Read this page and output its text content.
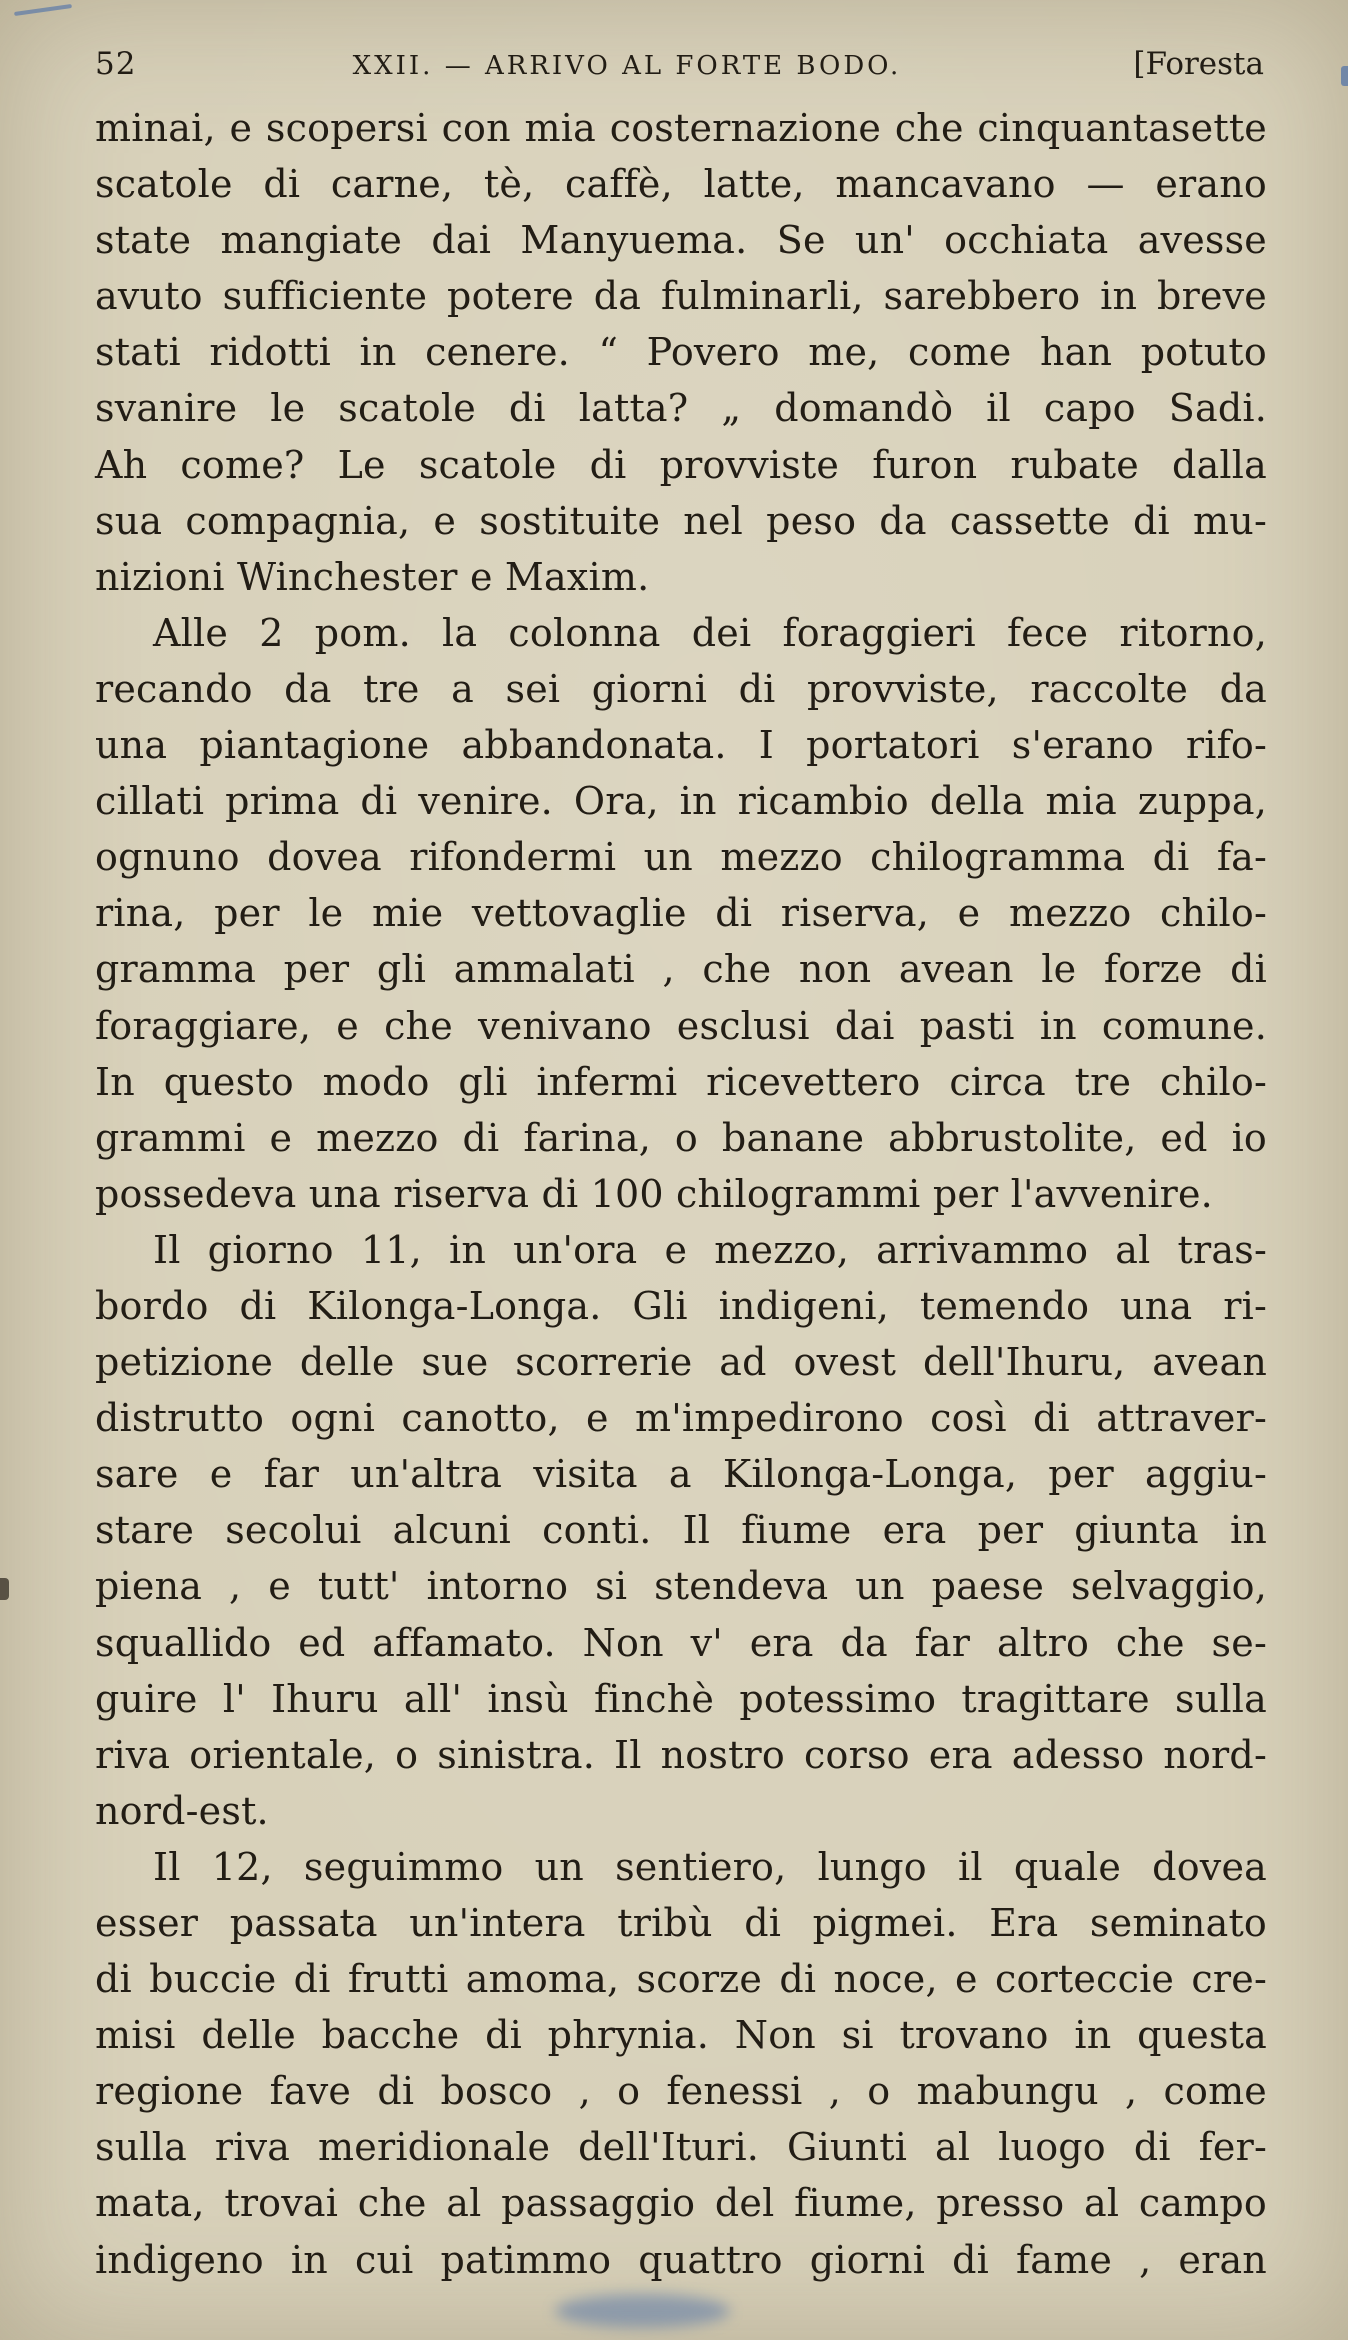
52	XXII. — ARRIVO AL FORTE BODO.	[Foresta
minai, e scopersi con mia costernazione che cinquantasette
scatole di carne, tè, caffè, latte, mancavano — erano
state mangiate dai Manyuema. Se un' occhiata avesse
avuto sufficiente potere da fulminarli, sarebbero in breve
stati ridotti in cenere. “ Povero me, come han potuto
svanire le scatole di latta? „ domandò il capo Sadi.
Ah come? Le scatole di provviste furon rubate dalla
sua compagnia, e sostituite nel peso da cassette di mu-
nizioni Winchester e Maxim.
Alle 2 pom. la colonna dei foraggieri fece ritorno,
recando da tre a sei giorni di provviste, raccolte da
una piantagione abbandonata. I portatori s'erano rifo-
cillati prima di venire. Ora, in ricambio della mia zuppa,
ognuno dovea rifondermi un mezzo chilogramma di fa-
rina, per le mie vettovaglie di riserva, e mezzo chilo-
gramma per gli ammalati , che non avean le forze di
foraggiare, e che venivano esclusi dai pasti in comune.
In questo modo gli infermi ricevettero circa tre chilo-
grammi e mezzo di farina, o banane abbrustolite, ed io
possedeva una riserva di 100 chilogrammi per l'avvenire.
Il giorno 11, in un'ora e mezzo, arrivammo al tras-
bordo di Kilonga-Longa. Gli indigeni, temendo una ri-
petizione delle sue scorrerie ad ovest dell'Ihuru, avean
distrutto ogni canotto, e m'impedirono così di attraver-
sare e far un'altra visita a Kilonga-Longa, per aggiu-
stare secolui alcuni conti. Il fiume era per giunta in
piena , e tutt' intorno si stendeva un paese selvaggio,
squallido ed affamato. Non v' era da far altro che se-
guire l' Ihuru all' insù finchè potessimo tragittare sulla
riva orientale, o sinistra. Il nostro corso era adesso nord-
nord-est.
Il 12, seguimmo un sentiero, lungo il quale dovea
esser passata un'intera tribù di pigmei. Era seminato
di buccie di frutti amoma, scorze di noce, e corteccie cre-
misi delle bacche di phrynia. Non si trovano in questa
regione fave di bosco , o fenessi , o mabungu , come
sulla riva meridionale dell'Ituri. Giunti al luogo di fer-
mata, trovai che al passaggio del fiume, presso al campo
indigeno in cui patimmo quattro giorni di fame , eran
